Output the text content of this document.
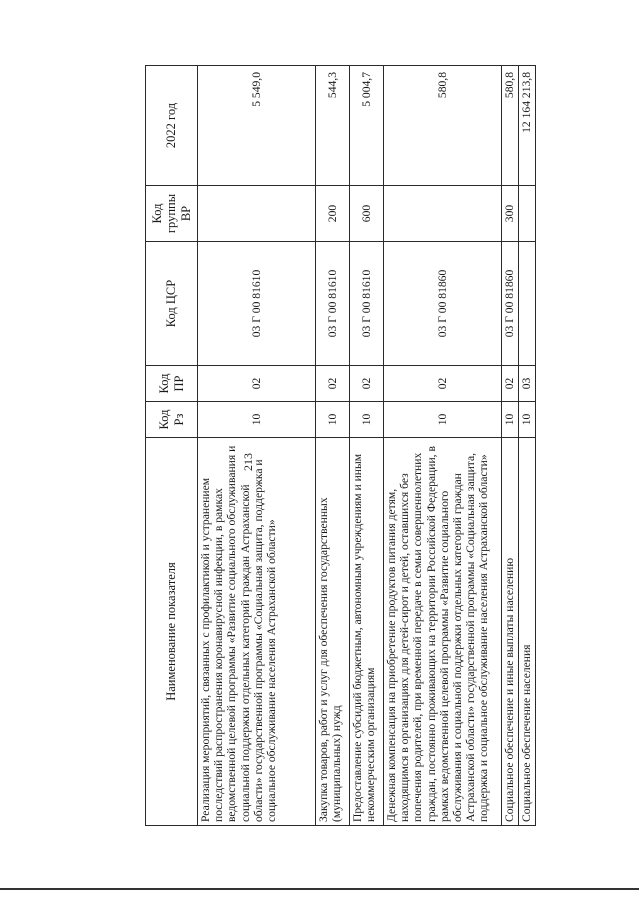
213
Наименование показателя	Код Рз	Код ПР	Код ЦСР	Код группы ВР	2022 год
Реализация мероприятий, связанных с профилактикой и устранением последствий распространения коронавирусной инфекции, в рамках ведомственной целевой программы «Развитие социального обслуживания и социальной поддержки отдельных категорий граждан Астраханской области» государственной программы «Социальная защита, поддержка и социальное обслуживание населения Астраханской области»	10	02	03 Г 00 81610		5 549,0
Закупка товаров, работ и услуг для обеспечения государственных (муниципальных) нужд	10	02	03 Г 00 81610	200	544,3
Предоставление субсидий бюджетным, автономным учреждениям и иным некоммерческим организациям	10	02	03 Г 00 81610	600	5 004,7
Денежная компенсация на приобретение продуктов питания детям, находящимся в организациях для детей-сирот и детей, оставшихся без попечения родителей, при временной передаче в семьи совершеннолетних граждан, постоянно проживающих на территории Российской Федерации, в рамках ведомственной целевой программы «Развитие социального обслуживания и социальной поддержки отдельных категорий граждан Астраханской области» государственной программы «Социальная защита, поддержка и социальное обслуживание населения Астраханской области»	10	02	03 Г 00 81860		580,8
Социальное обеспечение и иные выплаты населению	10	02	03 Г 00 81860	300	580,8
Социальное обеспечение населения	10	03			12 164 213,8
